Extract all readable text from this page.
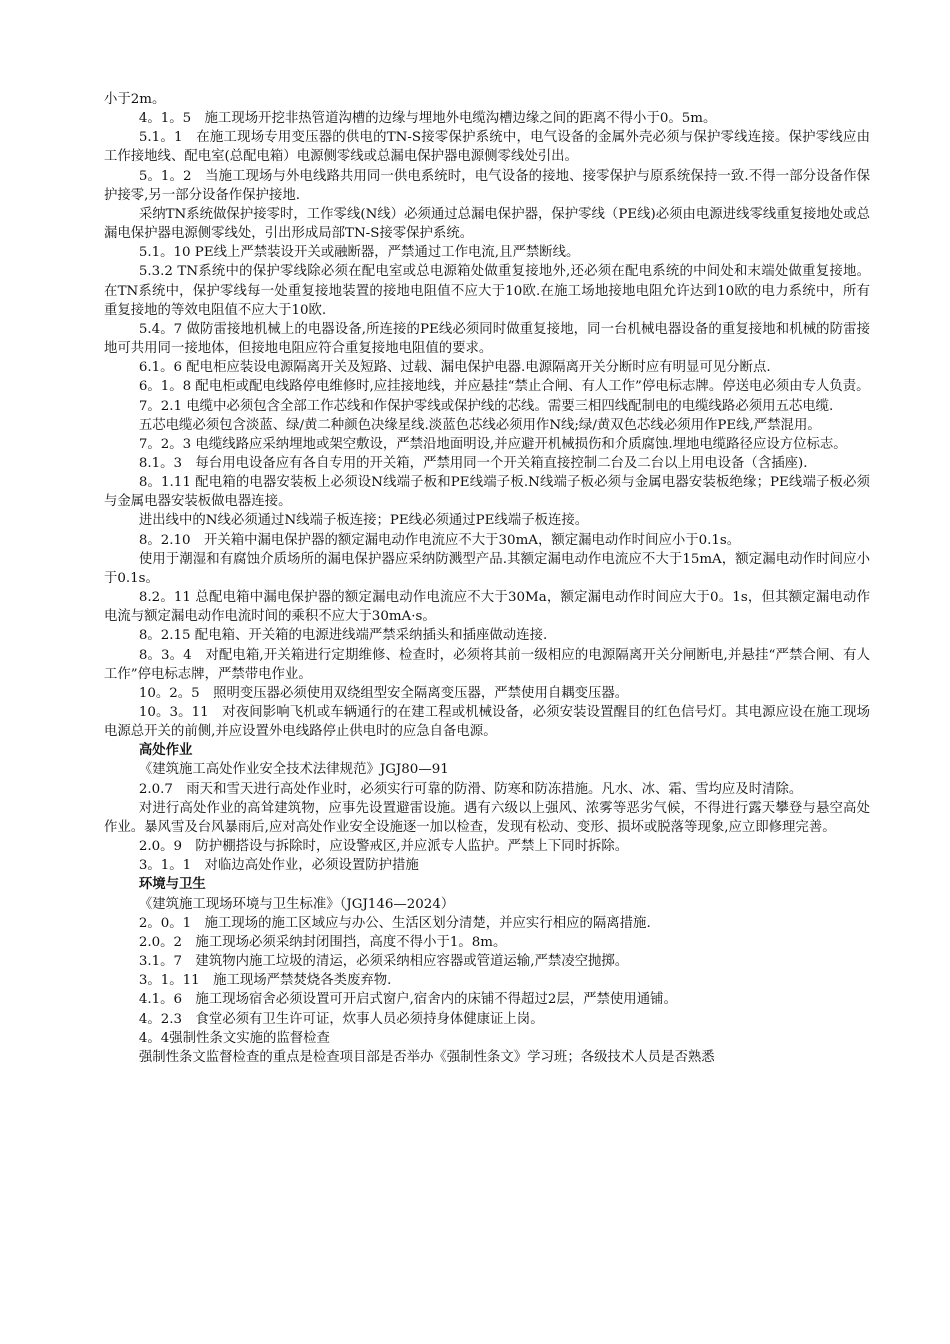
小于2m。

4。1。5　施工现场开挖非热管道沟槽的边缘与埋地外电缆沟槽边缘之间的距离不得小于0。5m。

5.1。1　在施工现场专用变压器的供电的TN-S接零保护系统中，电气设备的金属外壳必须与保护零线连接。保护零线应由工作接地线、配电室(总配电箱）电源侧零线或总漏电保护器电源侧零线处引出。

5。1。2　当施工现场与外电线路共用同一供电系统时，电气设备的接地、接零保护与原系统保持一致.不得一部分设备作保护接零,另一部分设备作保护接地.

采纳TN系统做保护接零时，工作零线(N线）必须通过总漏电保护器，保护零线（PE线)必须由电源进线零线重复接地处或总漏电保护器电源侧零线处，引出形成局部TN-S接零保护系统。

5.1。10 PE线上严禁装设开关或融断器，严禁通过工作电流,且严禁断线。

5.3.2 TN系统中的保护零线除必须在配电室或总电源箱处做重复接地外,还必须在配电系统的中间处和末端处做重复接地。在TN系统中，保护零线每一处重复接地装置的接地电阻值不应大于10欧.在施工场地接地电阻允许达到10欧的电力系统中，所有重复接地的等效电阻值不应大于10欧.

5.4。7 做防雷接地机械上的电器设备,所连接的PE线必须同时做重复接地，同一台机械电器设备的重复接地和机械的防雷接地可共用同一接地体，但接地电阻应符合重复接地电阻值的要求。

6.1。6 配电柜应装设电源隔离开关及短路、过载、漏电保护电器.电源隔离开关分断时应有明显可见分断点.

6。1。8 配电柜或配电线路停电维修时,应挂接地线，并应悬挂“禁止合闸、有人工作”停电标志牌。停送电必须由专人负责。

7。2.1 电缆中必须包含全部工作芯线和作保护零线或保护线的芯线。需要三相四线配制电的电缆线路必须用五芯电缆.

五芯电缆必须包含淡蓝、绿/黄二种颜色决缘星线.淡蓝色芯线必须用作N线;绿/黄双色芯线必须用作PE线,严禁混用。

7。2。3 电缆线路应采纳埋地或架空敷设，严禁沿地面明设,并应避开机械损伤和介质腐蚀.埋地电缆路径应设方位标志。

8.1。3　每台用电设备应有各自专用的开关箱，严禁用同一个开关箱直接控制二台及二台以上用电设备（含插座).

8。1.11 配电箱的电器安装板上必须设N线端子板和PE线端子板.N线端子板必须与金属电器安装板绝缘；PE线端子板必须与金属电器安装板做电器连接。

进出线中的N线必须通过N线端子板连接；PE线必须通过PE线端子板连接。

8。2.10　开关箱中漏电保护器的额定漏电动作电流应不大于30mA，额定漏电动作时间应小于0.1s。

使用于潮湿和有腐蚀介质场所的漏电保护器应采纳防溅型产品.其额定漏电动作电流应不大于15mA，额定漏电动作时间应小于0.1s。

8.2。11 总配电箱中漏电保护器的额定漏电动作电流应不大于30Ma，额定漏电动作时间应大于0。1s，但其额定漏电动作电流与额定漏电动作电流时间的乘积不应大于30mA·s。

8。2.15 配电箱、开关箱的电源进线端严禁采纳插头和插座做动连接.

8。3。4　对配电箱,开关箱进行定期维修、检查时，必须将其前一级相应的电源隔离开关分闸断电,并悬挂“严禁合闸、有人工作”停电标志牌，严禁带电作业。

10。2。5　照明变压器必须使用双绕组型安全隔离变压器，严禁使用自耦变压器。

10。3。11　对夜间影响飞机或车辆通行的在建工程或机械设备，必须安装设置醒目的红色信号灯。其电源应设在施工现场电源总开关的前侧,并应设置外电线路停止供电时的应急自备电源。

高处作业

《建筑施工高处作业安全技术法律规范》JGJ80—91

2.0.7　雨天和雪天进行高处作业时，必须实行可靠的防滑、防寒和防冻措施。凡水、冰、霜、雪均应及时清除。

对进行高处作业的高耸建筑物，应事先设置避雷设施。遇有六级以上强风、浓雾等恶劣气候，不得进行露天攀登与悬空高处作业。暴风雪及台风暴雨后,应对高处作业安全设施逐一加以检查，发现有松动、变形、损坏或脱落等现象,应立即修理完善。

2.0。9　防护棚搭设与拆除时，应设警戒区,并应派专人监护。严禁上下同时拆除。

3。1。1　对临边高处作业，必须设置防护措施

环境与卫生

《建筑施工现场环境与卫生标准》（JGJ146—2024）

2。0。1　施工现场的施工区域应与办公、生活区划分清楚，并应实行相应的隔离措施.

2.0。2　施工现场必须采纳封闭围挡，高度不得小于1。8m。

3.1。7　建筑物内施工垃圾的清运，必须采纳相应容器或管道运输,严禁凌空抛掷。

3。1。11　施工现场严禁焚烧各类废弃物.

4.1。6　施工现场宿舍必须设置可开启式窗户,宿舍内的床铺不得超过2层，严禁使用通铺。

4。2.3　食堂必须有卫生许可证，炊事人员必须持身体健康证上岗。

4。4强制性条文实施的监督检查

强制性条文监督检查的重点是检查项目部是否举办《强制性条文》学习班；各级技术人员是否熟悉
